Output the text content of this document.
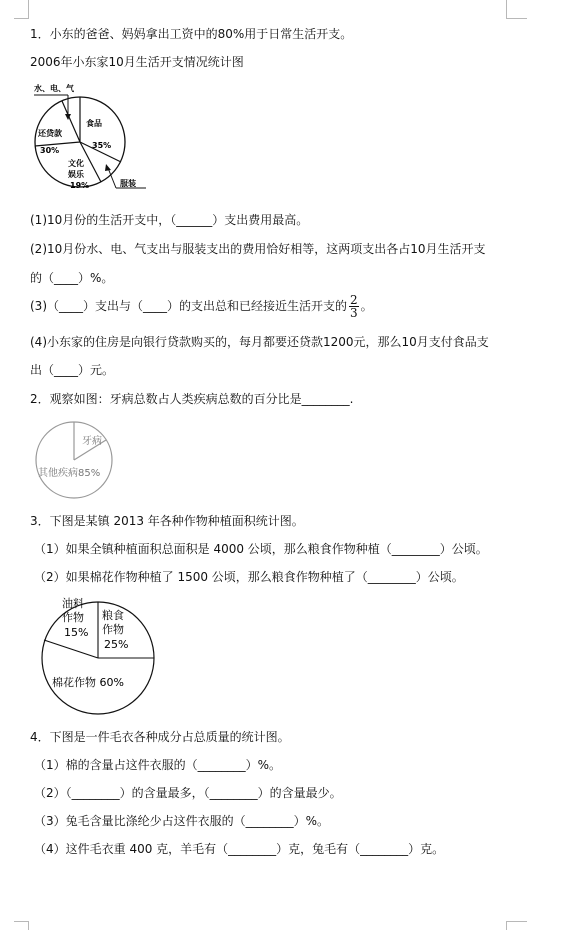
1．小东的爸爸、妈妈拿出工资中的80%用于日常生活开支。
2006年小东家10月生活开支情况统计图
水、电、气
食品
35%
还贷款
30%
文化
娱乐
19%	服装
(1)10月份的生活开支中，（______）支出费用最高。
(2)10月份水、电、气支出与服装支出的费用恰好相等，这两项支出各占10月生活开支
的（____）%。
(3)（____）支出与（____）的支出总和已经接近生活开支的 $\frac{2}{3}$ 。
(4)小东家的住房是向银行贷款购买的，每月都要还贷款1200元，那么10月支付食品支
出（____）元。
2．观察如图：牙病总数占人类疾病总数的百分比是________.
牙病
其他疾病85%
3．下图是某镇 2013 年各种作物种植面积统计图。
（1）如果全镇种植面积总面积是 4000 公顷，那么粮食作物种植（________）公顷。
（2）如果棉花作物种植了 1500 公顷，那么粮食作物种植了（________）公顷。
油料
作物
15%
粮食
作物
25%
棉花作物 60%
4．下图是一件毛衣各种成分占总质量的统计图。
（1）棉的含量占这件衣服的（________）%。
（2）（________）的含量最多，（________）的含量最少。
（3）兔毛含量比涤纶少占这件衣服的（________）%。
（4）这件毛衣重 400 克，羊毛有（________）克，兔毛有（________）克。
